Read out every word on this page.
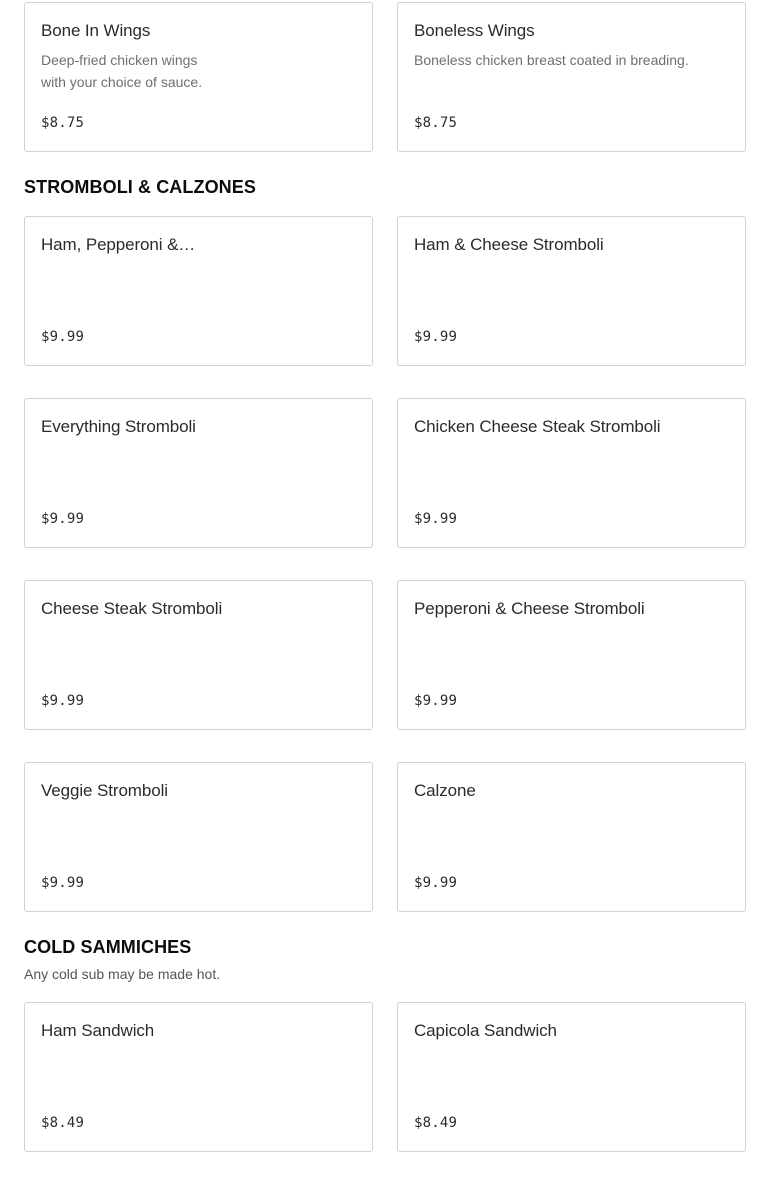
Bone In Wings
Deep-fried chicken wings with your choice of sauce.
$8.75
Boneless Wings
Boneless chicken breast coated in breading.
$8.75
STROMBOLI & CALZONES
Ham, Pepperoni &…
$9.99
Ham & Cheese Stromboli
$9.99
Everything Stromboli
$9.99
Chicken Cheese Steak Stromboli
$9.99
Cheese Steak Stromboli
$9.99
Pepperoni & Cheese Stromboli
$9.99
Veggie Stromboli
$9.99
Calzone
$9.99
COLD SAMMICHES
Any cold sub may be made hot.
Ham Sandwich
$8.49
Capicola Sandwich
$8.49
